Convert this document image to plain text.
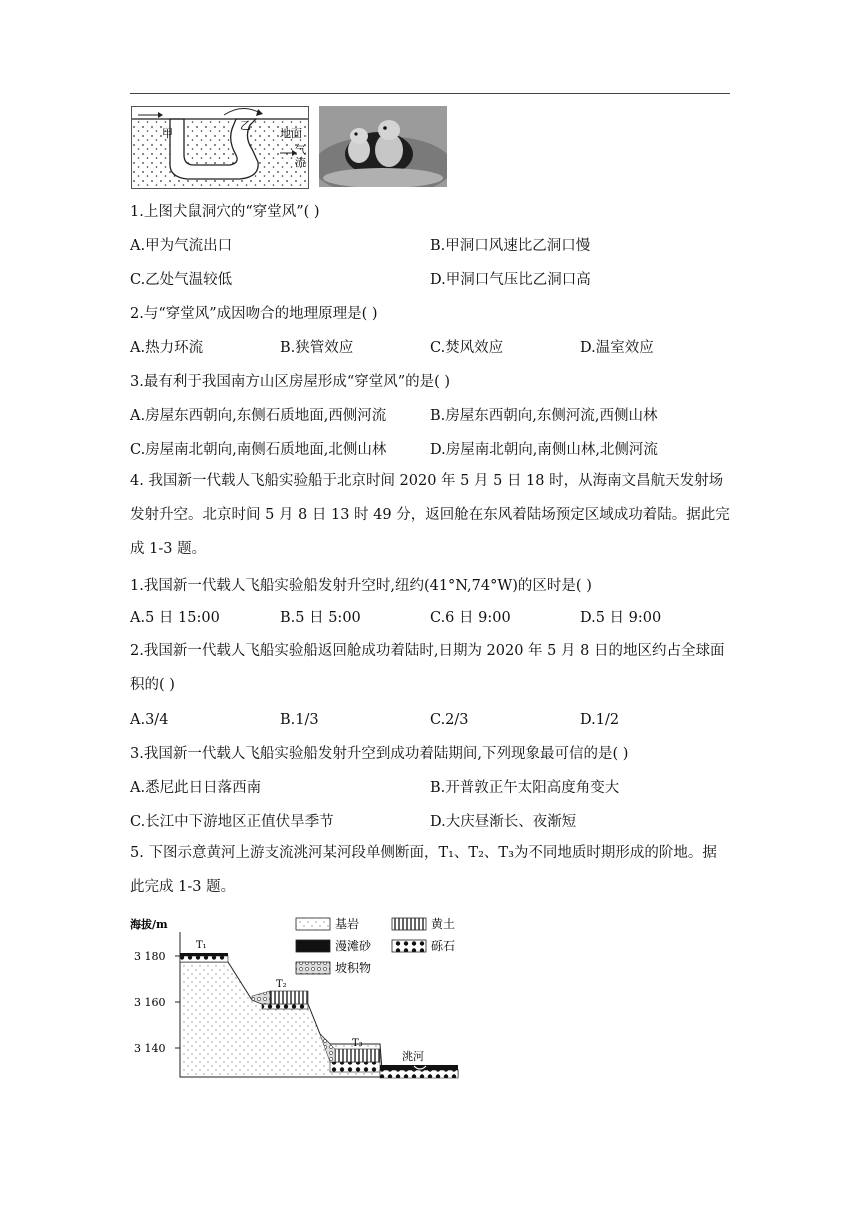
甲
乙
地面
气流
1.上图犬鼠洞穴的“穿堂风”( )
A.甲为气流出口	B.甲洞口风速比乙洞口慢
C.乙处气温较低	D.甲洞口气压比乙洞口高
2.与“穿堂风”成因吻合的地理原理是( )
A.热力环流	B.狭管效应	C.焚风效应	D.温室效应
3.最有利于我国南方山区房屋形成“穿堂风”的是( )
A.房屋东西朝向,东侧石质地面,西侧河流	B.房屋东西朝向,东侧河流,西侧山林
C.房屋南北朝向,南侧石质地面,北侧山林	D.房屋南北朝向,南侧山林,北侧河流
4. 我国新一代载人飞船实验船于北京时间 2020 年 5 月 5 日 18 时，从海南文昌航天发射场发射升空。北京时间 5 月 8 日 13 时 49 分，返回舱在东风着陆场预定区域成功着陆。据此完成 1-3 题。
1.我国新一代载人飞船实验船发射升空时,纽约(41°N,74°W)的区时是( )
A.5 日 15:00	B.5 日 5:00	C.6 日 9:00	D.5 日 9:00
2.我国新一代载人飞船实验船返回舱成功着陆时,日期为 2020 年 5 月 8 日的地区约占全球面积的( )
A.3/4	B.1/3	C.2/3	D.1/2
3.我国新一代载人飞船实验船发射升空到成功着陆期间,下列现象最可信的是( )
A.悉尼此日日落西南	B.开普敦正午太阳高度角变大
C.长江中下游地区正值伏旱季节	D.大庆昼渐长、夜渐短
5. 下图示意黄河上游支流洮河某河段单侧断面，T₁、T₂、T₃为不同地质时期形成的阶地。据此完成 1-3 题。
海拔/m
3 180
3 160
3 140
T₁
T₂
T₃
洮河
基岩	黄土
漫滩砂	砾石
坡积物
